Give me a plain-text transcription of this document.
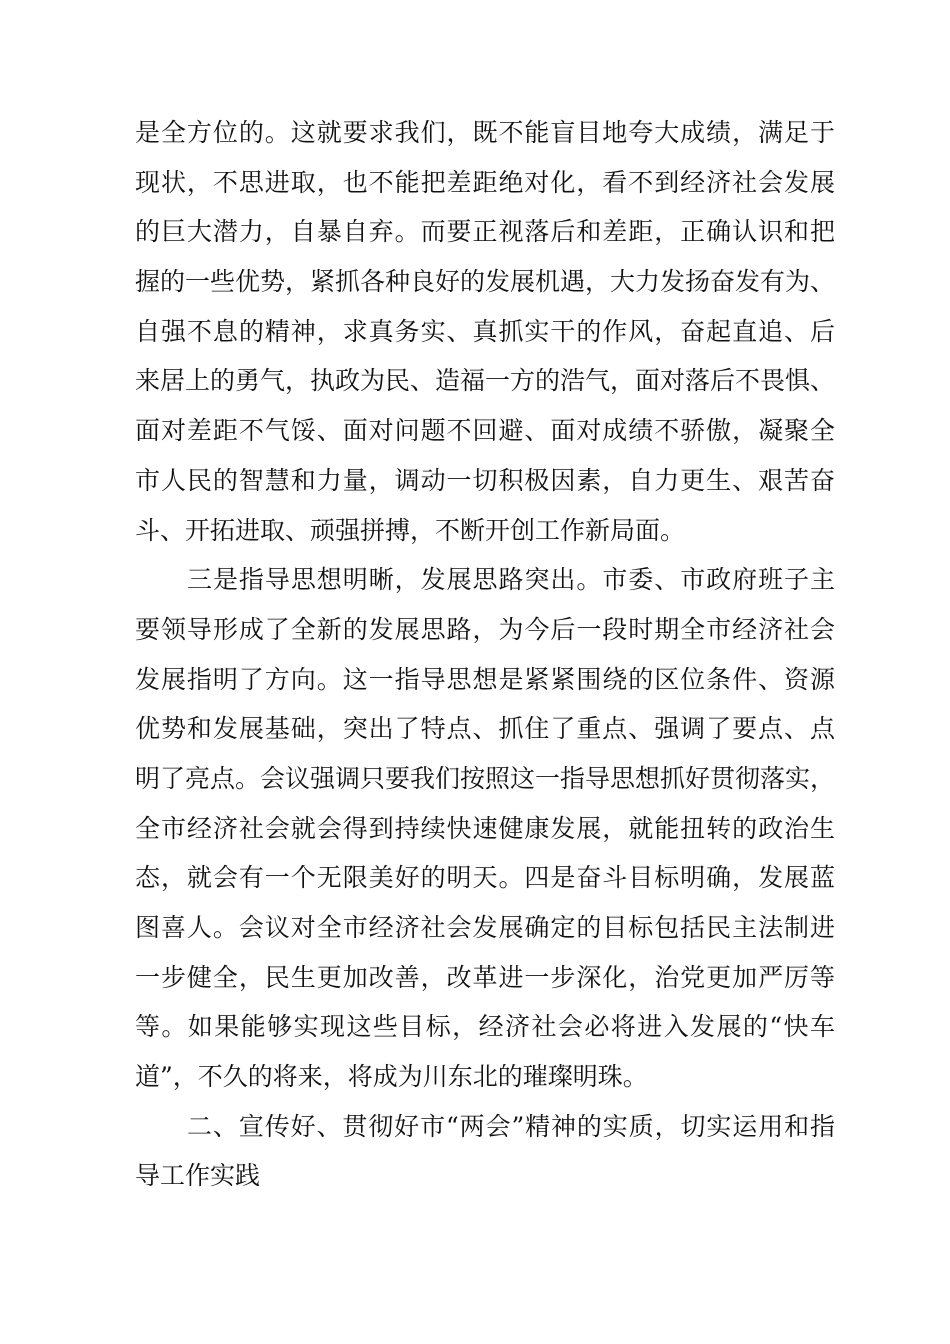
是全方位的。这就要求我们，既不能盲目地夸大成绩，满足于
现状，不思进取，也不能把差距绝对化，看不到经济社会发展
的巨大潜力，自暴自弃。而要正视落后和差距，正确认识和把
握的一些优势，紧抓各种良好的发展机遇，大力发扬奋发有为、
自强不息的精神，求真务实、真抓实干的作风，奋起直追、后
来居上的勇气，执政为民、造福一方的浩气，面对落后不畏惧、
面对差距不气馁、面对问题不回避、面对成绩不骄傲，凝聚全
市人民的智慧和力量，调动一切积极因素，自力更生、艰苦奋
斗、开拓进取、顽强拼搏，不断开创工作新局面。
三是指导思想明晰，发展思路突出。市委、市政府班子主
要领导形成了全新的发展思路，为今后一段时期全市经济社会
发展指明了方向。这一指导思想是紧紧围绕的区位条件、资源
优势和发展基础，突出了特点、抓住了重点、强调了要点、点
明了亮点。会议强调只要我们按照这一指导思想抓好贯彻落实，
全市经济社会就会得到持续快速健康发展，就能扭转的政治生
态，就会有一个无限美好的明天。四是奋斗目标明确，发展蓝
图喜人。会议对全市经济社会发展确定的目标包括民主法制进
一步健全，民生更加改善，改革进一步深化，治党更加严厉等
等。如果能够实现这些目标，经济社会必将进入发展的“快车
道”，不久的将来，将成为川东北的璀璨明珠。
二、宣传好、贯彻好市“两会”精神的实质，切实运用和指
导工作实践
